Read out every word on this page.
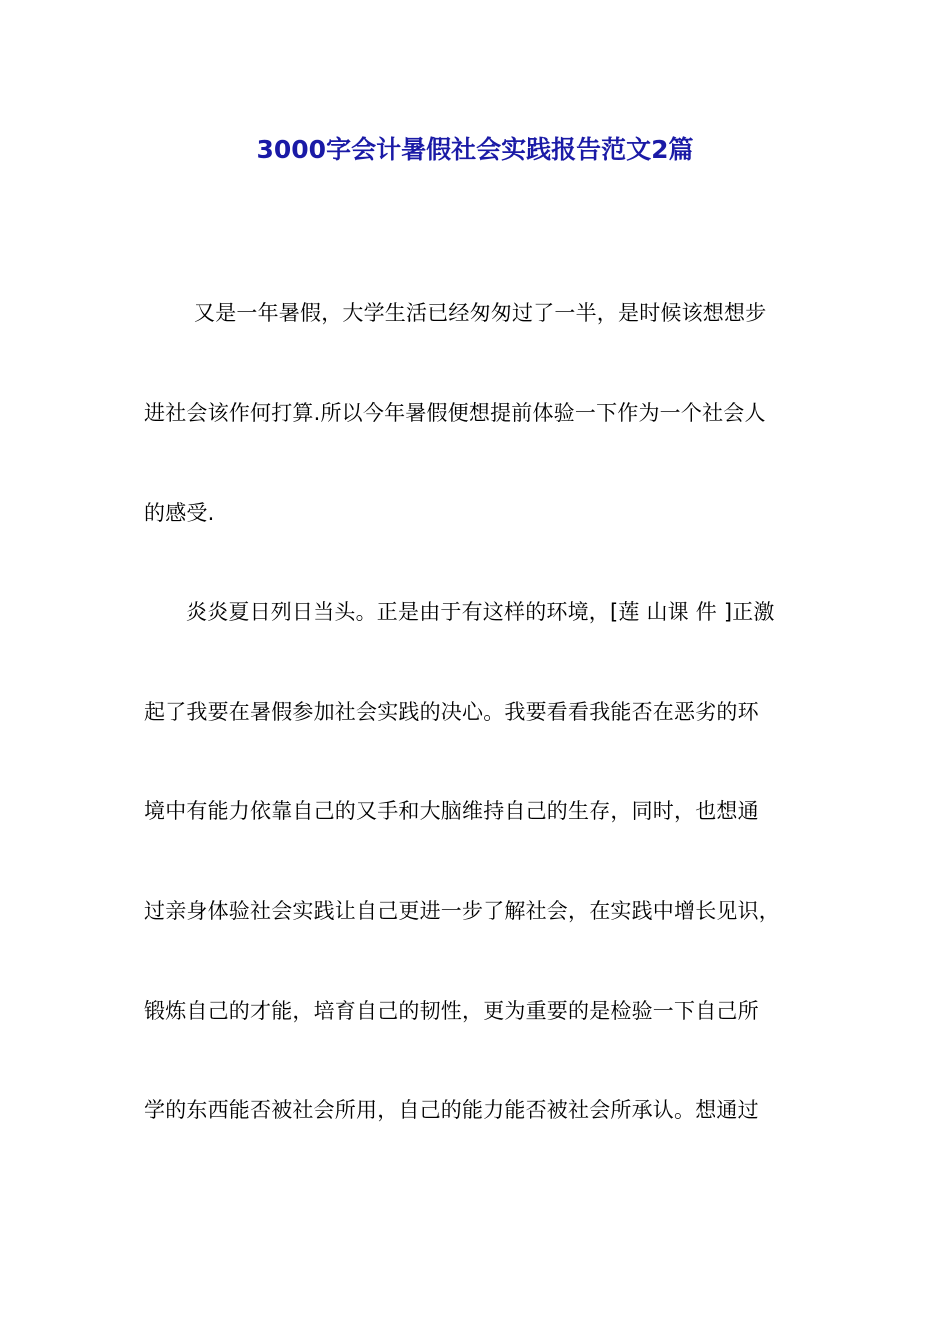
3000字会计暑假社会实践报告范文2篇
又是一年暑假，大学生活已经匆匆过了一半，是时候该想想步
进社会该作何打算.所以今年暑假便想提前体验一下作为一个社会人
的感受.
炎炎夏日列日当头。正是由于有这样的环境，[莲 山课 件 ]正激
起了我要在暑假参加社会实践的决心。我要看看我能否在恶劣的环
境中有能力依靠自己的又手和大脑维持自己的生存，同时，也想通
过亲身体验社会实践让自己更进一步了解社会，在实践中增长见识，
锻炼自己的才能，培育自己的韧性，更为重要的是检验一下自己所
学的东西能否被社会所用，自己的能力能否被社会所承认。想通过
